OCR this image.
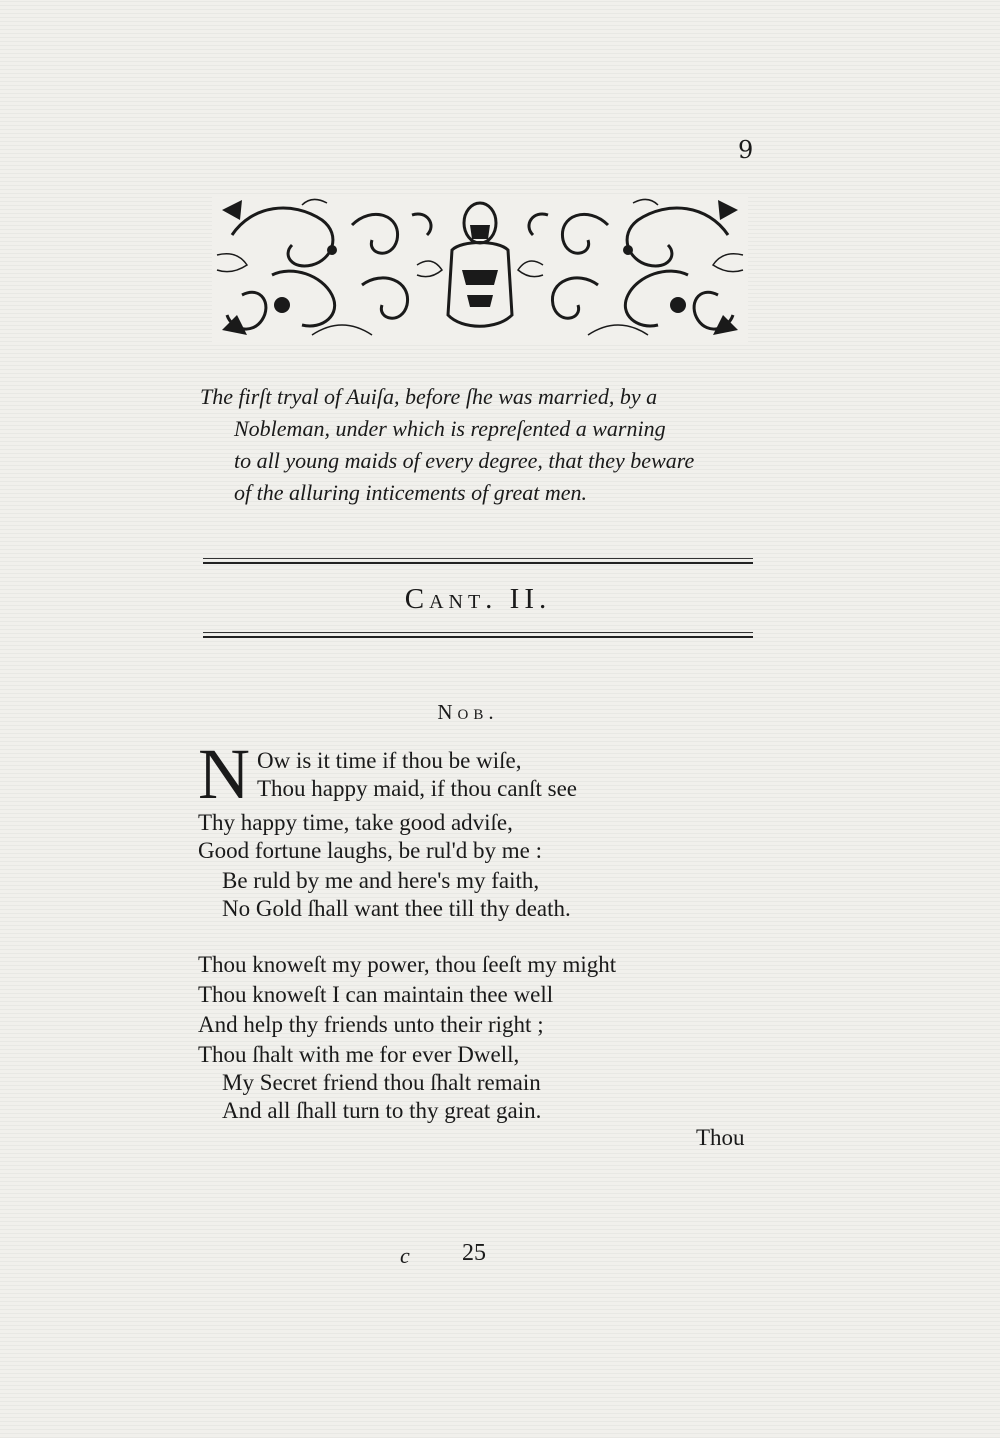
9
The firſt tryal of Auiſa, before ſhe was married, by a
Nobleman, under which is repreſented a warning
to all young maids of every degree, that they beware
of the alluring inticements of great men.
Cant. II.
Nob.
N Ow is it time if thou be wiſe,
Thou happy maid, if thou canſt see
Thy happy time, take good adviſe,
Good fortune laughs, be rul'd by me :
Be ruld by me and here's my faith,
No Gold ſhall want thee till thy death.
Thou knoweſt my power, thou ſeeſt my might
Thou knoweſt I can maintain thee well
And help thy friends unto their right ;
Thou ſhalt with me for ever Dwell,
My Secret friend thou ſhalt remain
And all ſhall turn to thy great gain.
Thou
c 25
